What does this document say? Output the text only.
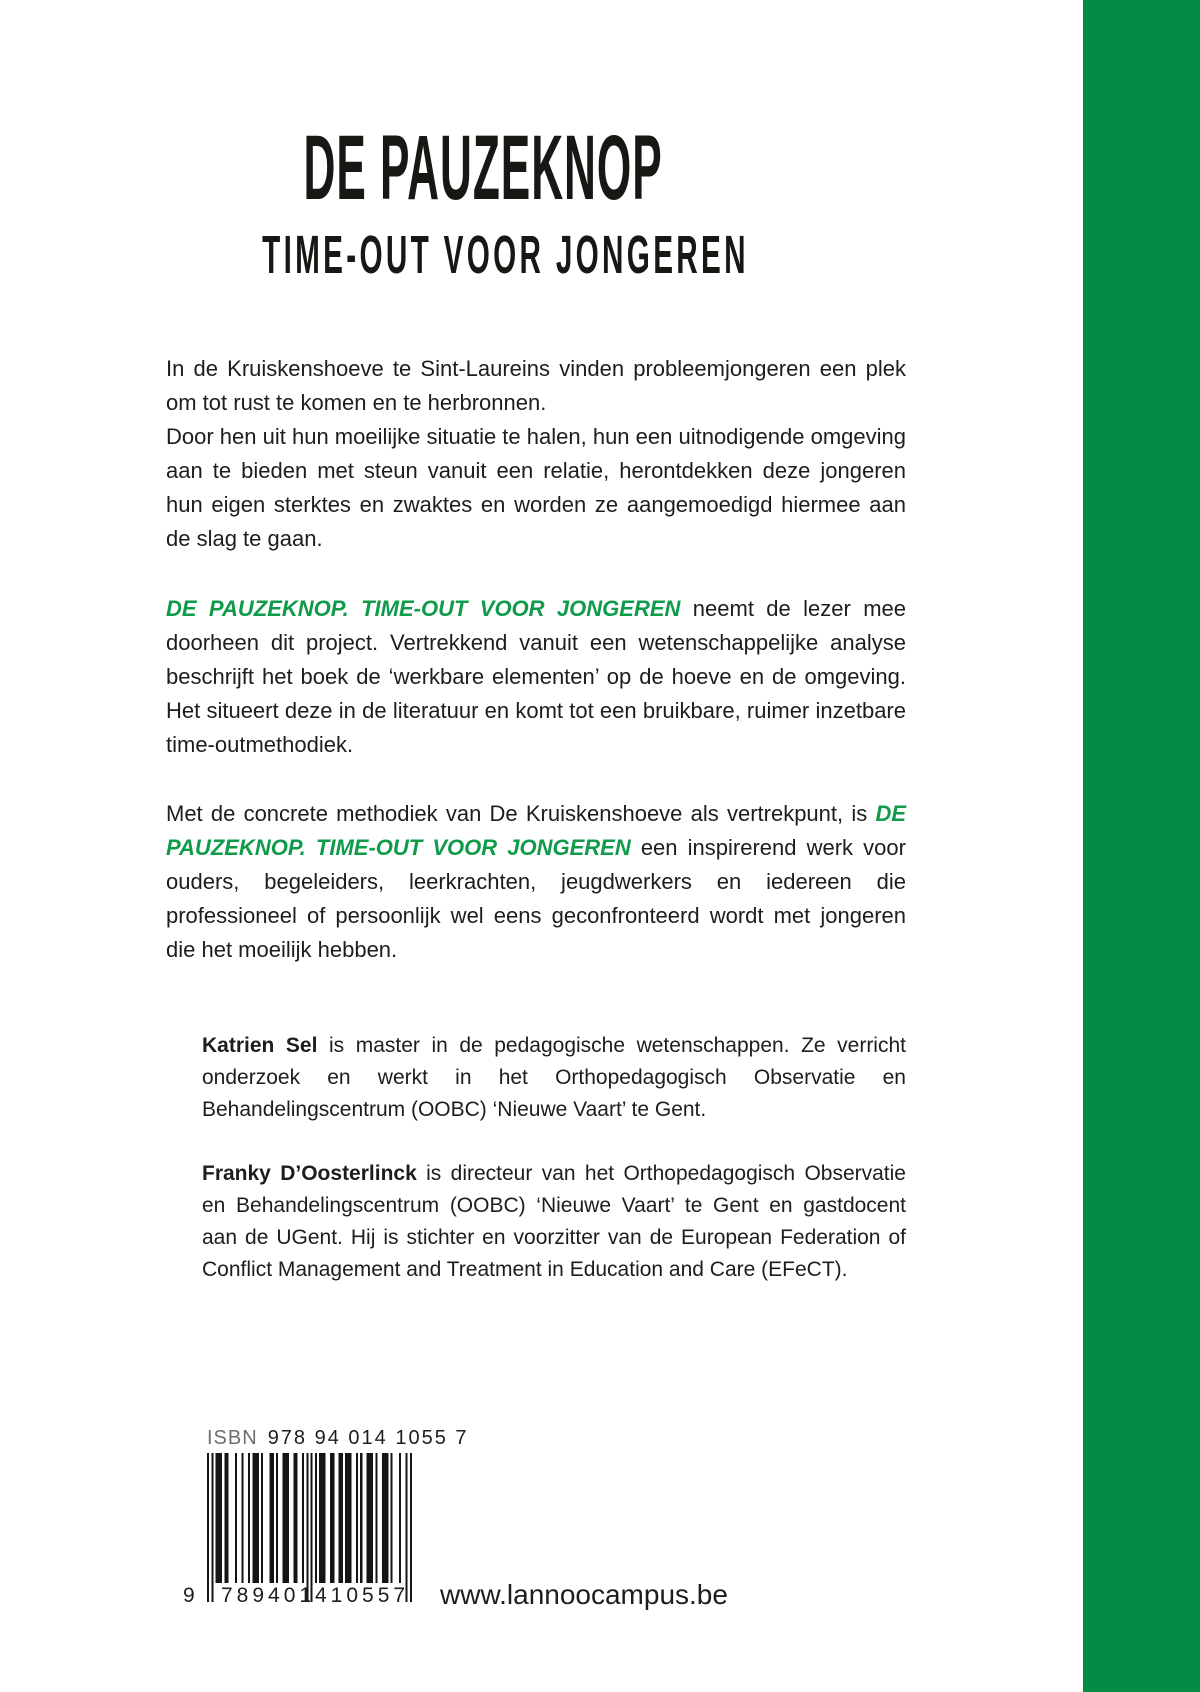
DE PAUZEKNOP
TIME-OUT VOOR JONGEREN

In de Kruiskenshoeve te Sint-Laureins vinden probleemjongeren een plek om tot rust te komen en te herbronnen.
Door hen uit hun moeilijke situatie te halen, hun een uitnodigende omgeving aan te bieden met steun vanuit een relatie, herontdekken deze jongeren hun eigen sterktes en zwaktes en worden ze aangemoedigd hiermee aan de slag te gaan.

DE PAUZEKNOP. TIME-OUT VOOR JONGEREN neemt de lezer mee doorheen dit project. Vertrekkend vanuit een wetenschappelijke analyse beschrijft het boek de ‘werkbare elementen’ op de hoeve en de omgeving. Het situeert deze in de literatuur en komt tot een bruikbare, ruimer inzetbare time-outmethodiek.

Met de concrete methodiek van De Kruiskenshoeve als vertrekpunt, is DE PAUZEKNOP. TIME-OUT VOOR JONGEREN een inspirerend werk voor ouders, begeleiders, leerkrachten, jeugdwerkers en iedereen die professioneel of persoonlijk wel eens geconfronteerd wordt met jongeren die het moeilijk hebben.

Katrien Sel is master in de pedagogische wetenschappen. Ze verricht onderzoek en werkt in het Orthopedagogisch Observatie en Behandelingscentrum (OOBC) ‘Nieuwe Vaart’ te Gent.

Franky D’Oosterlinck is directeur van het Orthopedagogisch Observatie en Behandelingscentrum (OOBC) ‘Nieuwe Vaart’ te Gent en gastdocent aan de UGent. Hij is stichter en voorzitter van de European Federation of Conflict Management and Treatment in Education and Care (EFeCT).

ISBN 978 94 014 1055 7
9 789401 410557 www.lannoocampus.be
